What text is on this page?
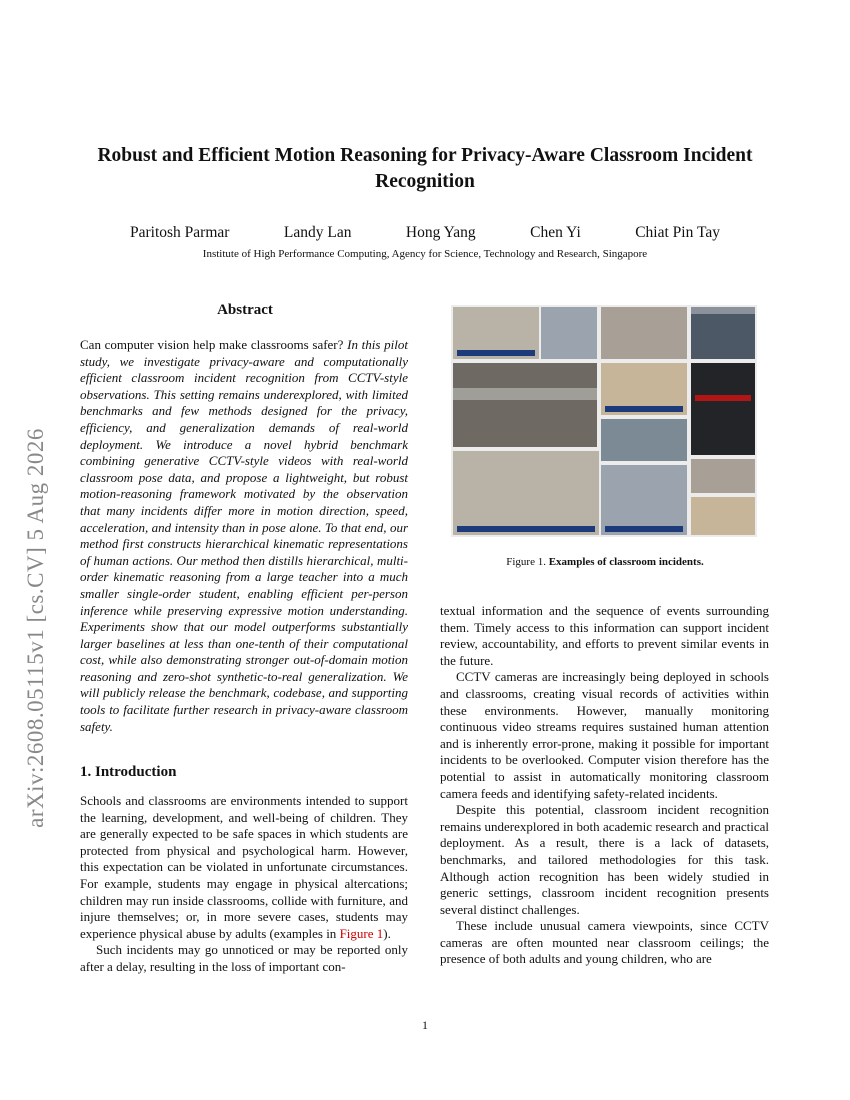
Robust and Efficient Motion Reasoning for Privacy-Aware Classroom Incident Recognition
Paritosh Parmar	Landy Lan	Hong Yang	Chen Yi	Chiat Pin Tay
Institute of High Performance Computing, Agency for Science, Technology and Research, Singapore
arXiv:2608.05115v1 [cs.CV] 5 Aug 2026
Abstract
Can computer vision help make classrooms safer? In this pilot study, we investigate privacy-aware and computationally efficient classroom incident recognition from CCTV-style observations. This setting remains underexplored, with limited benchmarks and few methods designed for the privacy, efficiency, and generalization demands of real-world deployment. We introduce a novel hybrid benchmark combining generative CCTV-style videos with real-world classroom pose data, and propose a lightweight, but robust motion-reasoning framework motivated by the observation that many incidents differ more in motion direction, speed, acceleration, and intensity than in pose alone. To that end, our method first constructs hierarchical kinematic representations of human actions. Our method then distills hierarchical, multi-order kinematic reasoning from a large teacher into a much smaller single-order student, enabling efficient per-person inference while preserving expressive motion understanding. Experiments show that our model outperforms substantially larger baselines at less than one-tenth of their computational cost, while also demonstrating stronger out-of-domain motion reasoning and zero-shot synthetic-to-real generalization. We will publicly release the benchmark, codebase, and supporting tools to facilitate further research in privacy-aware classroom safety.
1. Introduction

Schools and classrooms are environments intended to support the learning, development, and well-being of children. They are generally expected to be safe spaces in which students are protected from physical and psychological harm. However, this expectation can be violated in unfortunate circumstances. For example, students may engage in physical altercations; children may run inside classrooms, collide with furniture, and injure themselves; or, in more severe cases, students may experience physical abuse by adults (examples in Figure 1).

Such incidents may go unnoticed or may be reported only after a delay, resulting in the loss of important con-

Figure 1. Examples of classroom incidents.

textual information and the sequence of events surrounding them. Timely access to this information can support incident review, accountability, and efforts to prevent similar events in the future.

CCTV cameras are increasingly being deployed in schools and classrooms, creating visual records of activities within these environments. However, manually monitoring continuous video streams requires sustained human attention and is inherently error-prone, making it possible for important incidents to be overlooked. Computer vision therefore has the potential to assist in automatically monitoring classroom camera feeds and identifying safety-related incidents.

Despite this potential, classroom incident recognition remains underexplored in both academic research and practical deployment. As a result, there is a lack of datasets, benchmarks, and tailored methodologies for this task. Although action recognition has been widely studied in generic settings, classroom incident recognition presents several distinct challenges.

These include unusual camera viewpoints, since CCTV cameras are often mounted near classroom ceilings; the presence of both adults and young children, who are

1
